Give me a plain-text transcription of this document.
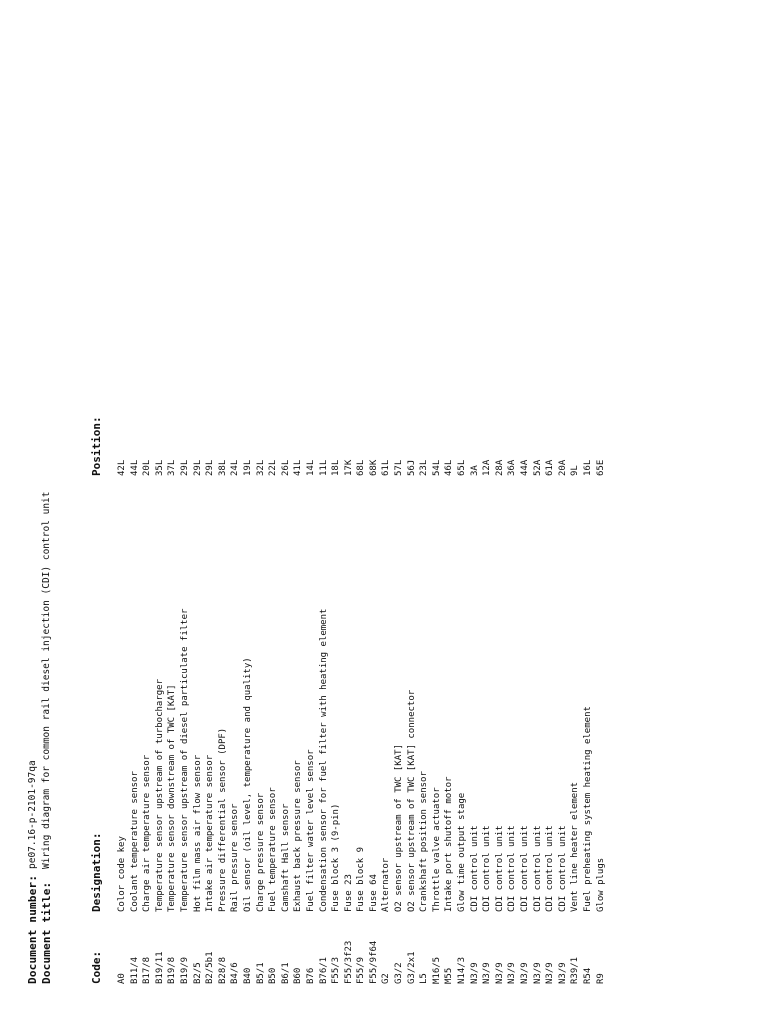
Document number:
pe07.16-p-2101-97qa
Document title:
Wiring diagram for common rail diesel injection (CDI) control unit
Code:
Designation:
Position:
A0
Color code key
42L
B11/4
Coolant temperature sensor
44L
B17/8
Charge air temperature sensor
20L
B19/11
Temperature sensor upstream of turbocharger
35L
B19/8
Temperature sensor downstream of TWC [KAT]
37L
B19/9
Temperature sensor upstream of diesel particulate filter
29L
B2/5
Hot film mass air flow sensor
29L
B2/5b1
Intake air temperature sensor
29L
B28/8
Pressure differential sensor (DPF)
38L
B4/6
Rail pressure sensor
24L
B40
Oil sensor (oil level, temperature and quality)
19L
B5/1
Charge pressure sensor
32L
B50
Fuel temperature sensor
22L
B6/1
Camshaft Hall sensor
26L
B60
Exhaust back pressure sensor
41L
B76
Fuel filter water level sensor
14L
B76/1
Condensation sensor for fuel filter with heating element
11L
F55/3
Fuse block 3 (9-pin)
18L
F55/3f23
Fuse 23
17K
F55/9
Fuse block 9
68L
F55/9f64
Fuse 64
68K
G2
Alternator
61L
G3/2
O2 sensor upstream of TWC [KAT]
57L
G3/2x1
O2 sensor upstream of TWC [KAT] connector
56J
L5
Crankshaft position sensor
23L
M16/5
Throttle valve actuator
54L
M55
Intake port shutoff motor
46L
N14/3
Glow time output stage
65L
N3/9
CDI control unit
3A
N3/9
CDI control unit
12A
N3/9
CDI control unit
28A
N3/9
CDI control unit
36A
N3/9
CDI control unit
44A
N3/9
CDI control unit
52A
N3/9
CDI control unit
61A
N3/9
CDI control unit
20A
R39/1
Vent line heater element
9L
R54
Fuel preheating system heating element
16L
R9
Glow plugs
65E
